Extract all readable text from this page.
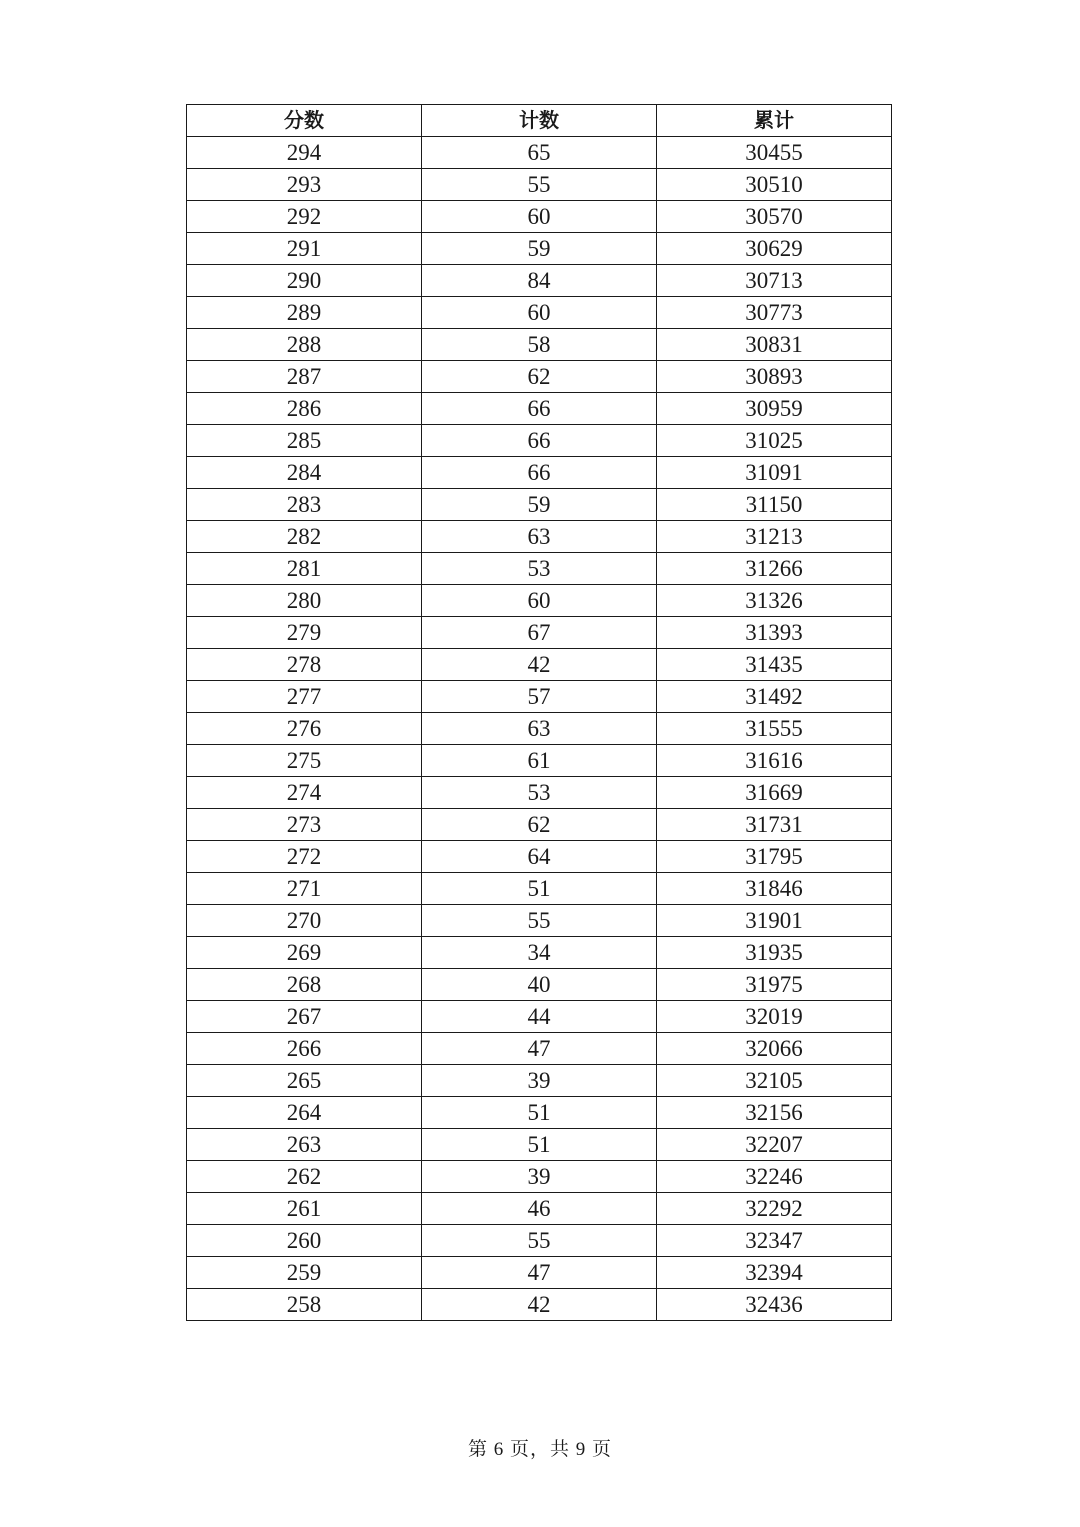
分数	计数	累计
294	65	30455
293	55	30510
292	60	30570
291	59	30629
290	84	30713
289	60	30773
288	58	30831
287	62	30893
286	66	30959
285	66	31025
284	66	31091
283	59	31150
282	63	31213
281	53	31266
280	60	31326
279	67	31393
278	42	31435
277	57	31492
276	63	31555
275	61	31616
274	53	31669
273	62	31731
272	64	31795
271	51	31846
270	55	31901
269	34	31935
268	40	31975
267	44	32019
266	47	32066
265	39	32105
264	51	32156
263	51	32207
262	39	32246
261	46	32292
260	55	32347
259	47	32394
258	42	32436
第 6 页，共 9 页
